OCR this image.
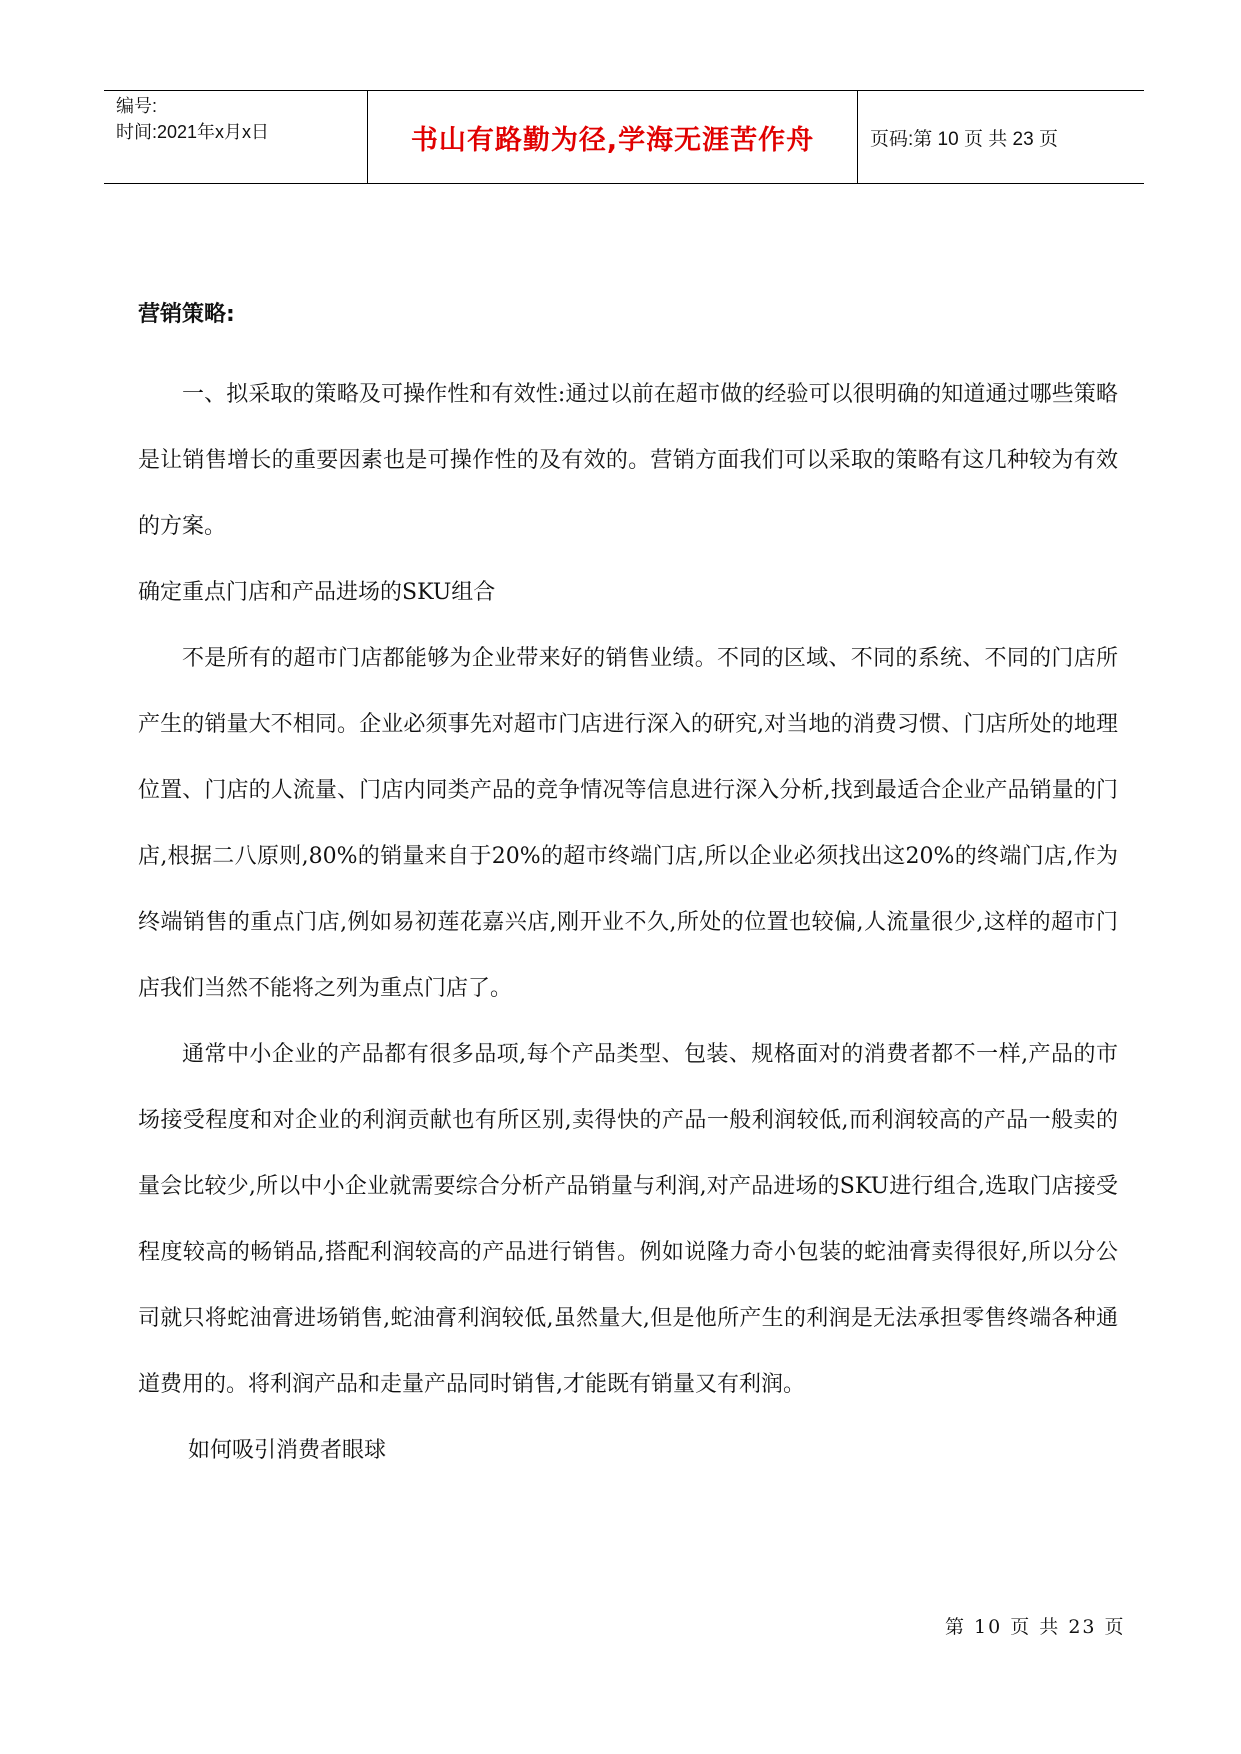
编号:
时间:2021年x月x日	书山有路勤为径,学海无涯苦作舟	页码:第 10 页 共 23 页
营销策略:

一、拟采取的策略及可操作性和有效性:通过以前在超市做的经验可以很明确的知道通过哪些策略是让销售增长的重要因素也是可操作性的及有效的。营销方面我们可以采取的策略有这几种较为有效的方案。

确定重点门店和产品进场的SKU组合

不是所有的超市门店都能够为企业带来好的销售业绩。不同的区域、不同的系统、不同的门店所产生的销量大不相同。企业必须事先对超市门店进行深入的研究,对当地的消费习惯、门店所处的地理位置、门店的人流量、门店内同类产品的竞争情况等信息进行深入分析,找到最适合企业产品销量的门店,根据二八原则,80%的销量来自于20%的超市终端门店,所以企业必须找出这20%的终端门店,作为终端销售的重点门店,例如易初莲花嘉兴店,刚开业不久,所处的位置也较偏,人流量很少,这样的超市门店我们当然不能将之列为重点门店了。

通常中小企业的产品都有很多品项,每个产品类型、包装、规格面对的消费者都不一样,产品的市场接受程度和对企业的利润贡献也有所区别,卖得快的产品一般利润较低,而利润较高的产品一般卖的量会比较少,所以中小企业就需要综合分析产品销量与利润,对产品进场的SKU进行组合,选取门店接受程度较高的畅销品,搭配利润较高的产品进行销售。例如说隆力奇小包装的蛇油膏卖得很好,所以分公司就只将蛇油膏进场销售,蛇油膏利润较低,虽然量大,但是他所产生的利润是无法承担零售终端各种通道费用的。将利润产品和走量产品同时销售,才能既有销量又有利润。

如何吸引消费者眼球

第 10 页 共 23 页
